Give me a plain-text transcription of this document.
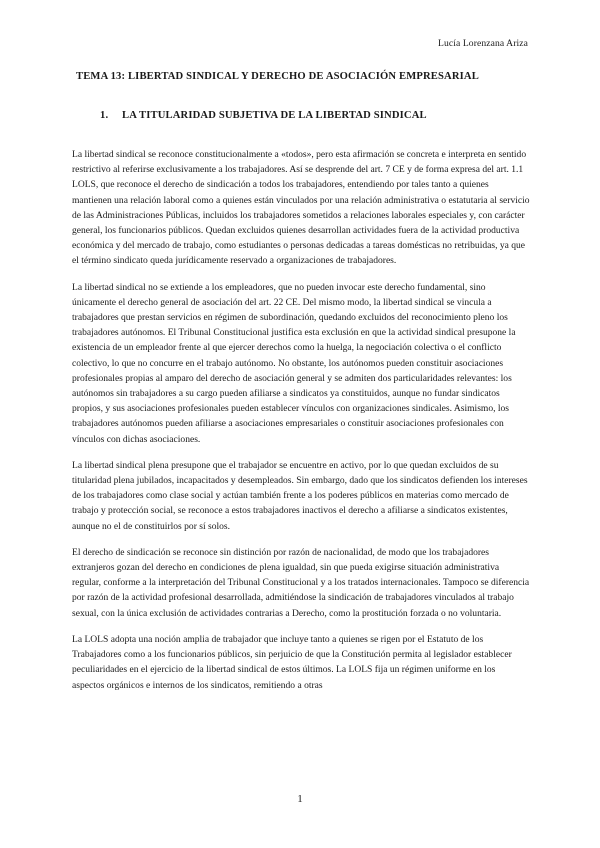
Lucía Lorenzana Ariza
TEMA 13: LIBERTAD SINDICAL Y DERECHO DE ASOCIACIÓN EMPRESARIAL
1. LA TITULARIDAD SUBJETIVA DE LA LIBERTAD SINDICAL

La libertad sindical se reconoce constitucionalmente a «todos», pero esta afirmación se concreta e interpreta en sentido restrictivo al referirse exclusivamente a los trabajadores. Así se desprende del art. 7 CE y de forma expresa del art. 1.1 LOLS, que reconoce el derecho de sindicación a todos los trabajadores, entendiendo por tales tanto a quienes mantienen una relación laboral como a quienes están vinculados por una relación administrativa o estatutaria al servicio de las Administraciones Públicas, incluidos los trabajadores sometidos a relaciones laborales especiales y, con carácter general, los funcionarios públicos. Quedan excluidos quienes desarrollan actividades fuera de la actividad productiva económica y del mercado de trabajo, como estudiantes o personas dedicadas a tareas domésticas no retribuidas, ya que el término sindicato queda jurídicamente reservado a organizaciones de trabajadores.

La libertad sindical no se extiende a los empleadores, que no pueden invocar este derecho fundamental, sino únicamente el derecho general de asociación del art. 22 CE. Del mismo modo, la libertad sindical se vincula a trabajadores que prestan servicios en régimen de subordinación, quedando excluidos del reconocimiento pleno los trabajadores autónomos. El Tribunal Constitucional justifica esta exclusión en que la actividad sindical presupone la existencia de un empleador frente al que ejercer derechos como la huelga, la negociación colectiva o el conflicto colectivo, lo que no concurre en el trabajo autónomo. No obstante, los autónomos pueden constituir asociaciones profesionales propias al amparo del derecho de asociación general y se admiten dos particularidades relevantes: los autónomos sin trabajadores a su cargo pueden afiliarse a sindicatos ya constituidos, aunque no fundar sindicatos propios, y sus asociaciones profesionales pueden establecer vínculos con organizaciones sindicales. Asimismo, los trabajadores autónomos pueden afiliarse a asociaciones empresariales o constituir asociaciones profesionales con vínculos con dichas asociaciones.

La libertad sindical plena presupone que el trabajador se encuentre en activo, por lo que quedan excluidos de su titularidad plena jubilados, incapacitados y desempleados. Sin embargo, dado que los sindicatos defienden los intereses de los trabajadores como clase social y actúan también frente a los poderes públicos en materias como mercado de trabajo y protección social, se reconoce a estos trabajadores inactivos el derecho a afiliarse a sindicatos existentes, aunque no el de constituirlos por sí solos.

El derecho de sindicación se reconoce sin distinción por razón de nacionalidad, de modo que los trabajadores extranjeros gozan del derecho en condiciones de plena igualdad, sin que pueda exigirse situación administrativa regular, conforme a la interpretación del Tribunal Constitucional y a los tratados internacionales. Tampoco se diferencia por razón de la actividad profesional desarrollada, admitiéndose la sindicación de trabajadores vinculados al trabajo sexual, con la única exclusión de actividades contrarias a Derecho, como la prostitución forzada o no voluntaria.

La LOLS adopta una noción amplia de trabajador que incluye tanto a quienes se rigen por el Estatuto de los Trabajadores como a los funcionarios públicos, sin perjuicio de que la Constitución permita al legislador establecer peculiaridades en el ejercicio de la libertad sindical de estos últimos. La LOLS fija un régimen uniforme en los aspectos orgánicos e internos de los sindicatos, remitiendo a otras

1
